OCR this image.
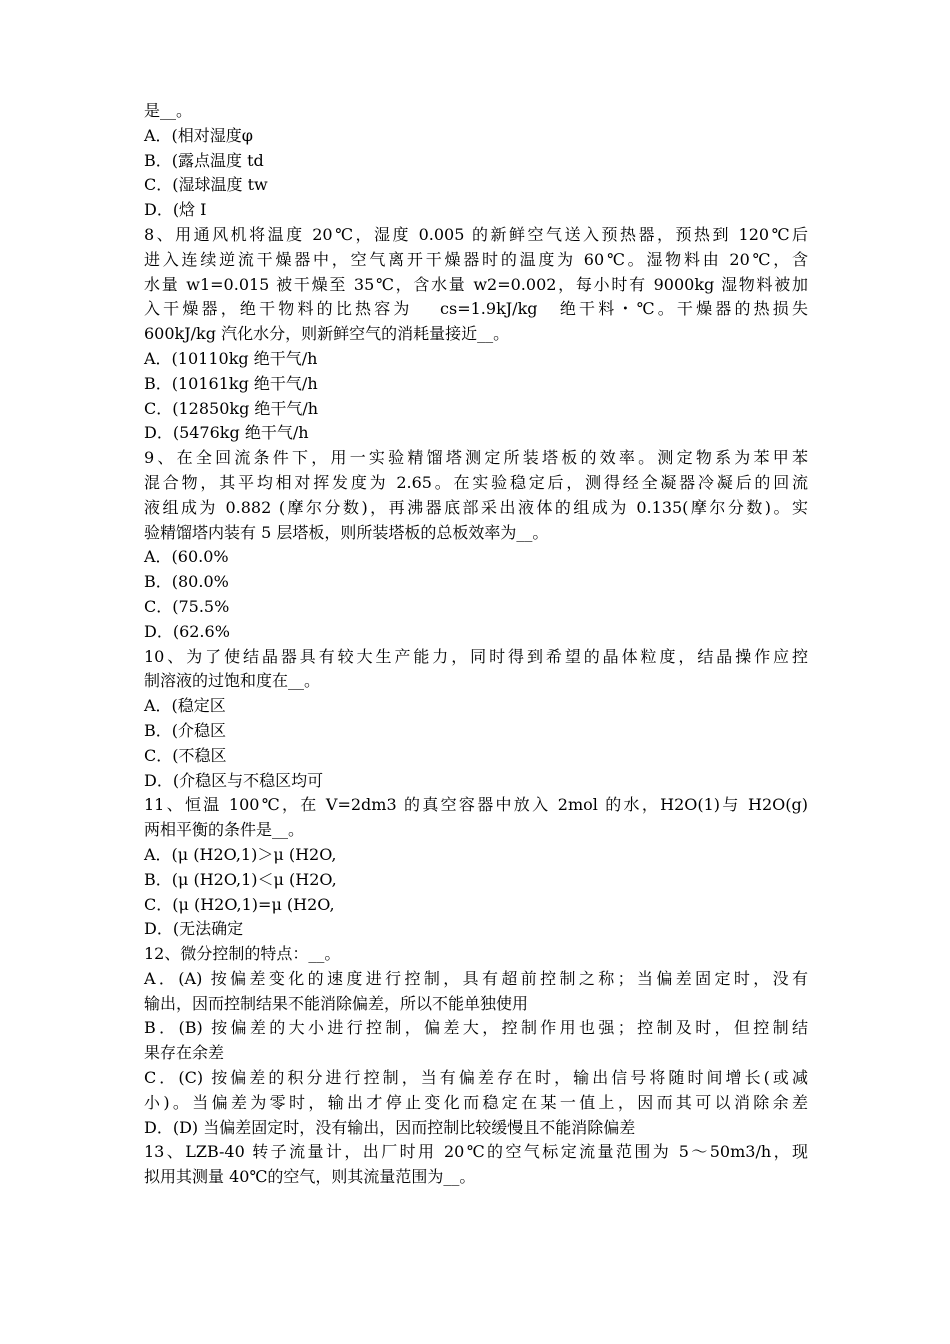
是__。
A．(相对湿度φ
B．(露点温度 td
C．(湿球温度 tw
D．(焓 I
8、用通风机将温度 20℃，湿度 0.005 的新鲜空气送入预热器，预热到 120℃后
进入连续逆流干燥器中，空气离开干燥器时的温度为 60℃。湿物料由 20℃，含
水量 w1=0.015 被干燥至 35℃，含水量 w2=0.002，每小时有 9000kg 湿物料被加
入干燥器，绝干物料的比热容为　 cs=1.9kJ/kg　绝干料・℃。干燥器的热损失
600kJ/kg 汽化水分，则新鲜空气的消耗量接近__。
A．(10110kg 绝干气/h
B．(10161kg 绝干气/h
C．(12850kg 绝干气/h
D．(5476kg 绝干气/h
9、在全回流条件下，用一实验精馏塔测定所装塔板的效率。测定物系为苯甲苯
混合物，其平均相对挥发度为 2.65。在实验稳定后，测得经全凝器冷凝后的回流
液组成为 0.882 (摩尔分数)，再沸器底部采出液体的组成为 0.135(摩尔分数)。实
验精馏塔内装有 5 层塔板，则所装塔板的总板效率为__。
A．(60.0%
B．(80.0%
C．(75.5%
D．(62.6%
10、为了使结晶器具有较大生产能力，同时得到希望的晶体粒度，结晶操作应控
制溶液的过饱和度在__。
A．(稳定区
B．(介稳区
C．(不稳区
D．(介稳区与不稳区均可
11、恒温 100℃，在 V=2dm3 的真空容器中放入 2mol 的水，H2O(1)与 H2O(g)
两相平衡的条件是__。
A．(μ (H2O,1)＞μ (H2O,
B．(μ (H2O,1)＜μ (H2O,
C．(μ (H2O,1)=μ (H2O,
D．(无法确定
12、微分控制的特点：__。
A．(A) 按偏差变化的速度进行控制，具有超前控制之称；当偏差固定时，没有
输出，因而控制结果不能消除偏差，所以不能单独使用
B．(B) 按偏差的大小进行控制，偏差大，控制作用也强；控制及时，但控制结
果存在余差
C．(C) 按偏差的积分进行控制，当有偏差存在时，输出信号将随时间增长(或减
小)。当偏差为零时，输出才停止变化而稳定在某一值上，因而其可以消除余差
D．(D) 当偏差固定时，没有输出，因而控制比较缓慢且不能消除偏差
13、LZB-40 转子流量计，出厂时用 20℃的空气标定流量范围为 5～50m3/h，现
拟用其测量 40℃的空气，则其流量范围为__。
